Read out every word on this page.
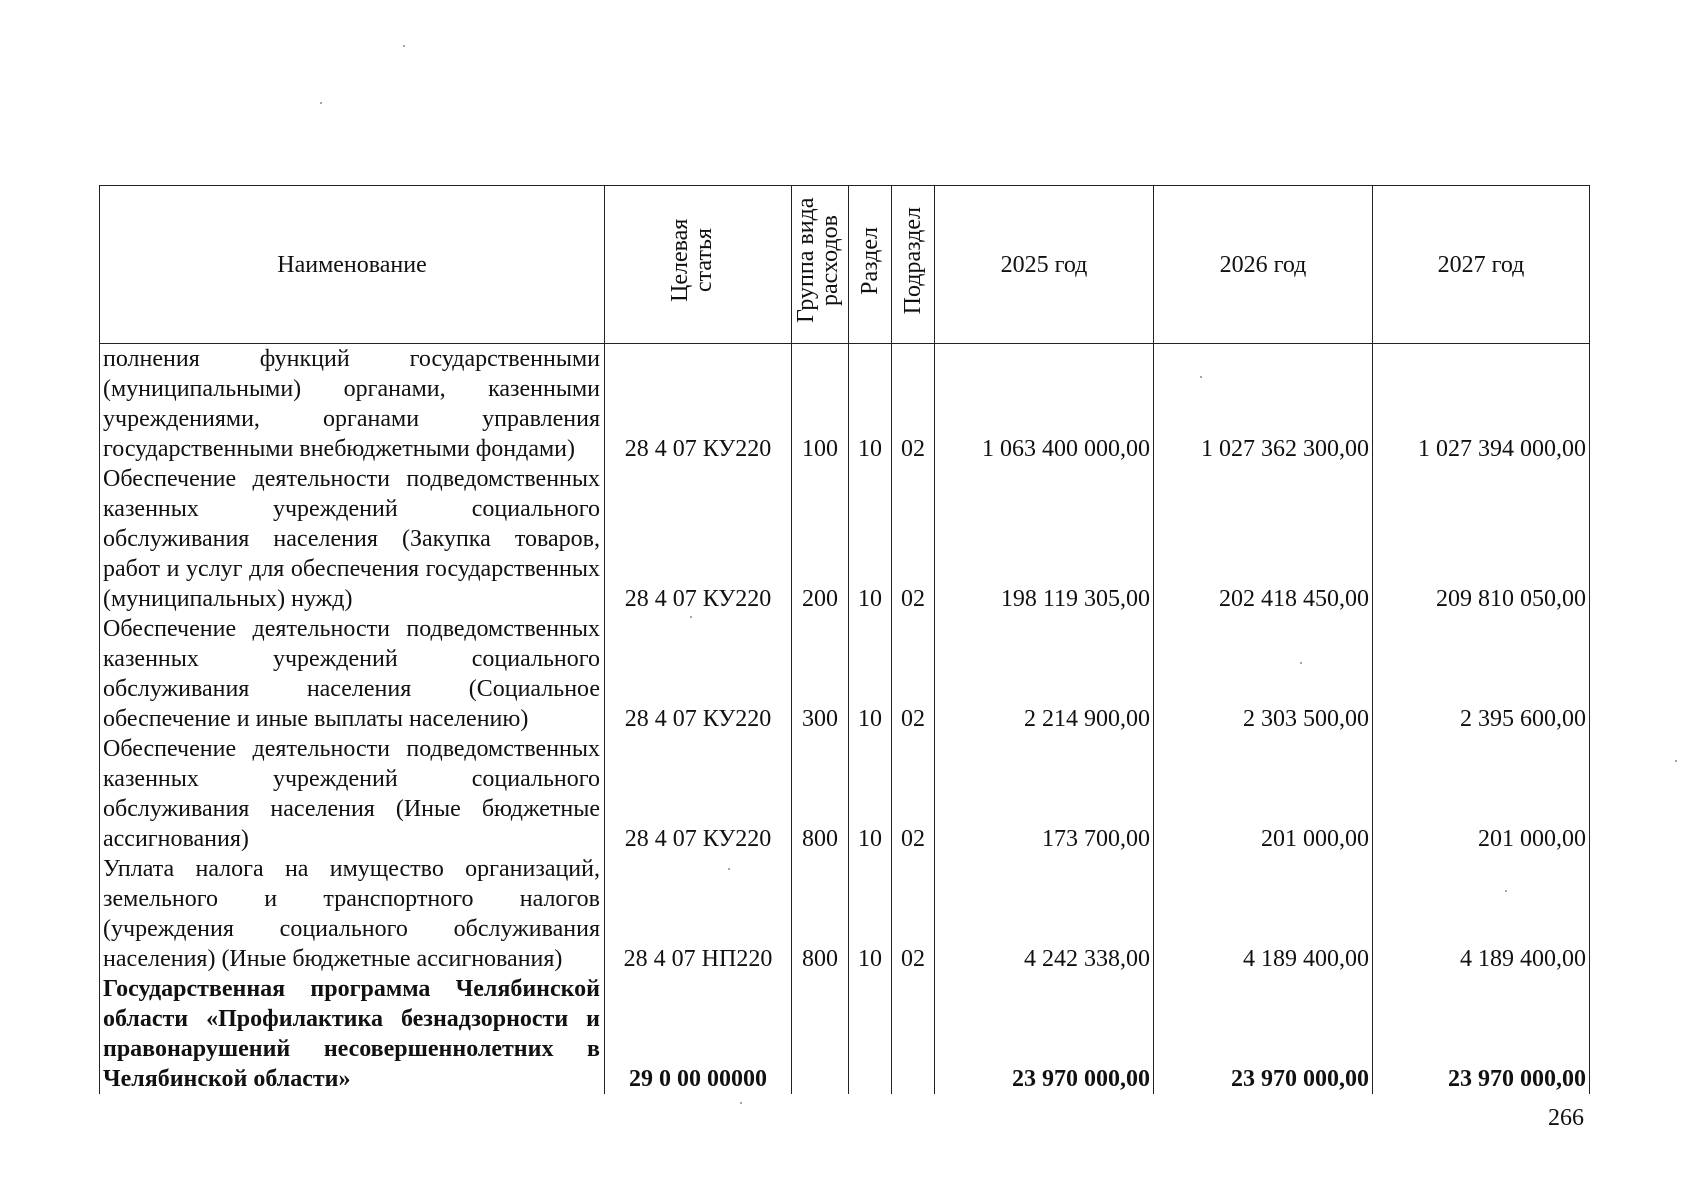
Наименование	Целевая статья	Группа вида расходов	Раздел	Подраздел	2025 год	2026 год	2027 год
полнения функций государственными (муниципальными) органами, казенными учреждениями, органами управления государственными внебюджетными фондами)	28 4 07 КУ220	100	10	02	1 063 400 000,00	1 027 362 300,00	1 027 394 000,00
Обеспечение деятельности подведомственных казенных учреждений социального обслуживания населения (Закупка товаров, работ и услуг для обеспечения государственных (муниципальных) нужд)	28 4 07 КУ220	200	10	02	198 119 305,00	202 418 450,00	209 810 050,00
Обеспечение деятельности подведомственных казенных учреждений социального обслуживания населения (Социальное обеспечение и иные выплаты населению)	28 4 07 КУ220	300	10	02	2 214 900,00	2 303 500,00	2 395 600,00
Обеспечение деятельности подведомственных казенных учреждений социального обслуживания населения (Иные бюджетные ассигнования)	28 4 07 КУ220	800	10	02	173 700,00	201 000,00	201 000,00
Уплата налога на имущество организаций, земельного и транспортного налогов (учреждения социального обслуживания населения) (Иные бюджетные ассигнования)	28 4 07 НП220	800	10	02	4 242 338,00	4 189 400,00	4 189 400,00
Государственная программа Челябинской области «Профилактика безнадзорности и правонарушений несовершеннолетних в Челябинской области»	29 0 00 00000				23 970 000,00	23 970 000,00	23 970 000,00
266
